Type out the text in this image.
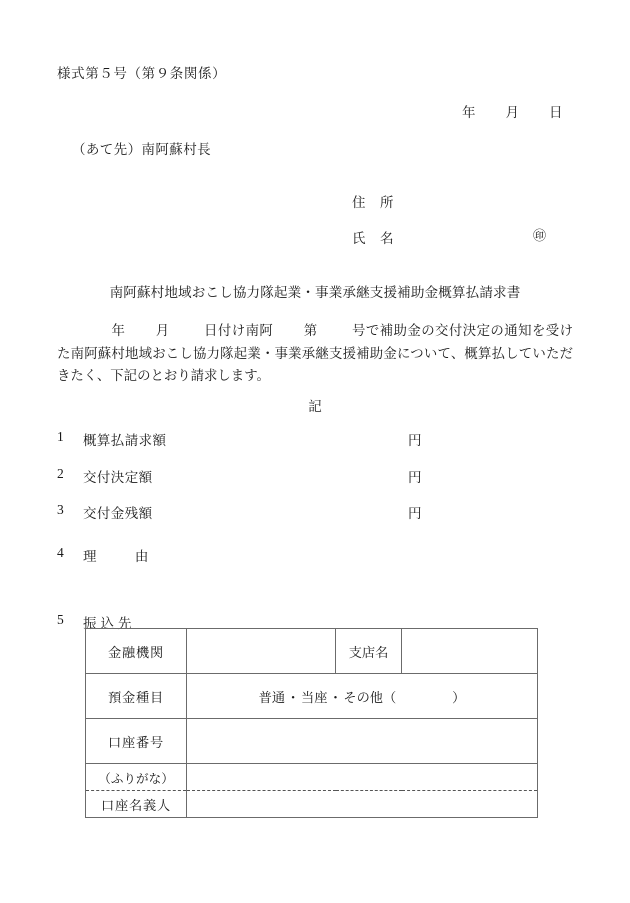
様式第５号（第９条関係）
年 月 日
（あて先）南阿蘇村長
住　所
氏　名	㊞
南阿蘇村地域おこし協力隊起業・事業承継支援補助金概算払請求書
年 月	日付け南阿 第	号で補助金の交付決定の通知を受けた南阿蘇村地域おこし協力隊起業・事業承継支援補助金について、概算払していただきたく、下記のとおり請求します。
記
1 概算払請求額	円
2 交付決定額	円
3 交付金残額	円
4 理	由
5 振込先
金融機関		支店名	
預金種目	普通・当座・その他（ ）		
口座番号			
（ふりがな）			
口座名義人			
